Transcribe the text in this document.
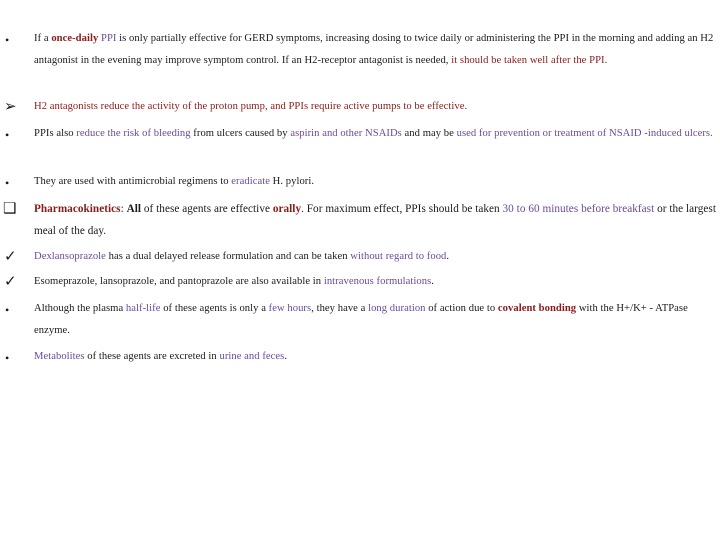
• If a once-daily PPI is only partially effective for GERD symptoms, increasing dosing to twice daily or administering the PPI in the morning and adding an H2 antagonist in the evening may improve symptom control. If an H2-receptor antagonist is needed, it should be taken well after the PPI.
➢ H2 antagonists reduce the activity of the proton pump, and PPIs require active pumps to be effective.
• PPIs also reduce the risk of bleeding from ulcers caused by aspirin and other NSAIDs and may be used for prevention or treatment of NSAID -induced ulcers.
• They are used with antimicrobial regimens to eradicate H. pylori.
❑ Pharmacokinetics: All of these agents are effective orally. For maximum effect, PPIs should be taken 30 to 60 minutes before breakfast or the largest meal of the day.
✓ Dexlansoprazole has a dual delayed release formulation and can be taken without regard to food.
✓ Esomeprazole, lansoprazole, and pantoprazole are also available in intravenous formulations.
• Although the plasma half-life of these agents is only a few hours, they have a long duration of action due to covalent bonding with the H+/K+ - ATPase enzyme.
• Metabolites of these agents are excreted in urine and feces.
